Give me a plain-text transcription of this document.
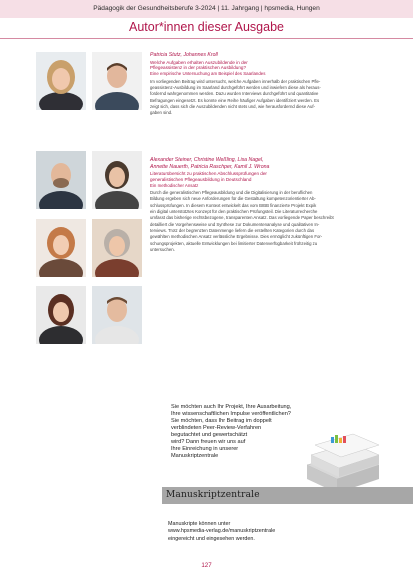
Pädagogik der Gesundheitsberufe 3-2024 | 11. Jahrgang | hpsmedia, Hungen
Autor*innen dieser Ausgabe
Patricia Stutz, Johannes Kroll
Welche Aufgaben erhalten Auszubildende in der
Pflegeassistenz in der praktischen Ausbildung?
Eine empirische Untersuchung am Beispiel des Saarlandes
Im vorliegenden Beitrag wird untersucht, welche Aufgaben innerhalb der praktischen Pfle-
geassistenz-Ausbildung im Saarland durchgeführt werden und inwiefern diese als heraus-
fordernd wahrgenommen werden. Dazu wurden Interviews durchgeführt und quantitative
Befragungen eingesetzt. Es konnte eine Reihe häufiger Aufgaben identifiziert werden. Es
zeigt sich, dass sich die Auszubildenden nicht stets und, wie herausfordernd diese Auf-
gaben sind.
Alexander Steiner, Christine Weßling, Lisa Nagel,
Annette Nauerth, Patricia Raschper, Kamil J. Wrona
Literaturübersicht zu praktischen Abschlussprüfungen der
generalistischen Pflegeausbildung in Deutschland
Ein methodischer Ansatz
Durch die generalistischen Pflegeausbildung und die Digitalisierung in der beruflichen
Bildung ergeben sich neue Anforderungen für die Gestaltung kompetenzorientierter Ab-
schlussprüfungen. In diesem Kontext entwickelt das vom BIBB finanzierte Projekt Expik
ein digital unterstütztes Konzept für den praktischen Prüfungsteil. Die Literaturrecherche
umfasst das bisherige rechtsbezogene, transparenten Ansatz. Das vorliegende Paper beschreibt
detailliert die Vorgehensweise und Synthese zur Dokumentenanalyse und qualitativen In-
terviews. Trotz der begrenzten Datenmenge liefern die erstellten Kategorien durch das
gewählten methodischen Ansatz verlässliche Ergebnisse. Dies ermöglicht zukünftigen For-
schungsprojekten, aktuelle Entwicklungen bei limitierter Datenverfügbarkeit frühzeitig zu
untersuchen.
Sie möchten auch Ihr Projekt, Ihre Ausarbeitung,
Ihre wissenschaftlichen Impulse veröffentlichen?
Sie möchten, dass Ihr Beitrag im doppelt
verblindeten Peer-Review-Verfahren
begutachtet und gewertschätzt
wird? Dann freuen wir uns auf
Ihre Einreichung in unserer
Manuskriptzentrale
Manuskriptzentrale
Manuskripte können unter
www.hpsmedia-verlag.de/manuskriptzentrale
eingereicht und eingesehen werden.
127
